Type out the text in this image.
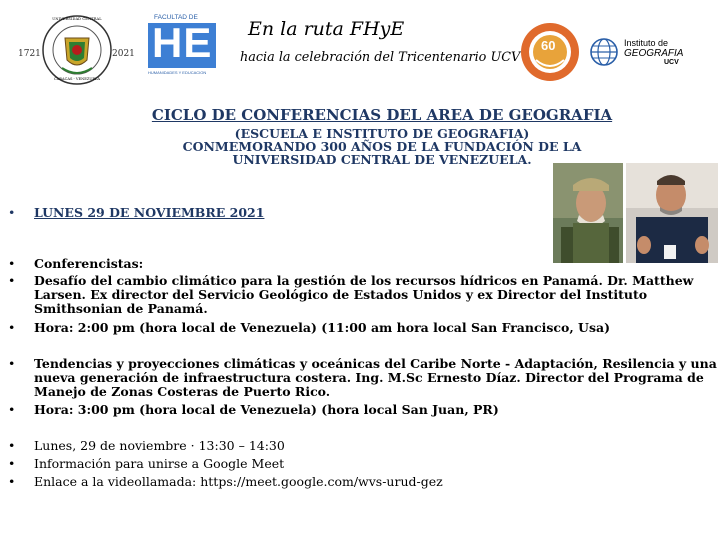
1721	2021
UNIVERSIDAD CENTRAL
CARACAS - VENEZUELA
FACULTAD DE
HE
HUMANIDADES Y EDUCACION
En la ruta FHyE
hacia la celebración del Tricentenario UCV
60	Instituto de
GEOGRAFIA
UCV
CICLO DE CONFERENCIAS DEL AREA DE GEOGRAFIA
(ESCUELA E INSTITUTO DE GEOGRAFIA)
CONMEMORANDO 300 AÑOS DE LA FUNDACIÓN DE LA
UNIVERSIDAD CENTRAL DE VENEZUELA.
• LUNES 29 DE NOVIEMBRE 2021
• Conferencistas:
• Desafío del cambio climático para la gestión de los recursos hídricos en Panamá. Dr. Matthew
Larsen. Ex director del Servicio Geológico de Estados Unidos y ex Director del Instituto
Smithsonian de Panamá.
• Hora: 2:00 pm (hora local de Venezuela) (11:00 am hora local San Francisco, Usa)
• Tendencias y proyecciones climáticas y oceánicas del Caribe Norte - Adaptación, Resilencia y una
nueva generación de infraestructura costera. Ing. M.Sc Ernesto Díaz. Director del Programa de
Manejo de Zonas Costeras de Puerto Rico.
• Hora: 3:00 pm (hora local de Venezuela) (hora local San Juan, PR)
• Lunes, 29 de noviembre · 13:30 – 14:30
• Información para unirse a Google Meet
• Enlace a la videollamada: https://meet.google.com/wvs-urud-gez
